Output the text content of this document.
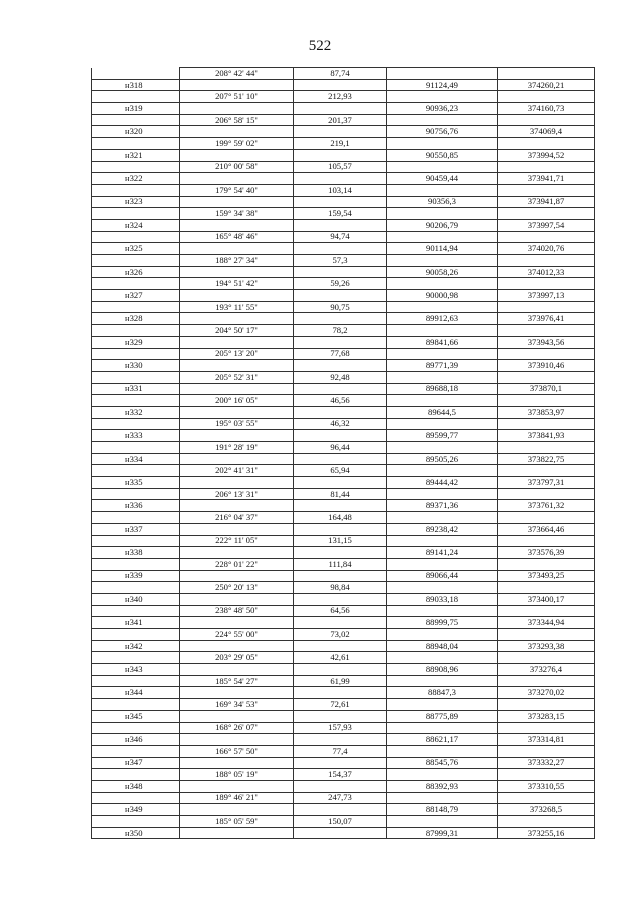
522
	208° 42' 44"	87,74		
н318			91124,49	374260,21
	207° 51' 10"	212,93		
н319			90936,23	374160,73
	206° 58' 15"	201,37		
н320			90756,76	374069,4
	199° 59' 02"	219,1		
н321			90550,85	373994,52
	210° 00' 58"	105,57		
н322			90459,44	373941,71
	179° 54' 40"	103,14		
н323			90356,3	373941,87
	159° 34' 38"	159,54		
н324			90206,79	373997,54
	165° 48' 46"	94,74		
н325			90114,94	374020,76
	188° 27' 34"	57,3		
н326			90058,26	374012,33
	194° 51' 42"	59,26		
н327			90000,98	373997,13
	193° 11' 55"	90,75		
н328			89912,63	373976,41
	204° 50' 17"	78,2		
н329			89841,66	373943,56
	205° 13' 20"	77,68		
н330			89771,39	373910,46
	205° 52' 31"	92,48		
н331			89688,18	373870,1
	200° 16' 05"	46,56		
н332			89644,5	373853,97
	195° 03' 55"	46,32		
н333			89599,77	373841,93
	191° 28' 19"	96,44		
н334			89505,26	373822,75
	202° 41' 31"	65,94		
н335			89444,42	373797,31
	206° 13' 31"	81,44		
н336			89371,36	373761,32
	216° 04' 37"	164,48		
н337			89238,42	373664,46
	222° 11' 05"	131,15		
н338			89141,24	373576,39
	228° 01' 22"	111,84		
н339			89066,44	373493,25
	250° 20' 13"	98,84		
н340			89033,18	373400,17
	238° 48' 50"	64,56		
н341			88999,75	373344,94
	224° 55' 00"	73,02		
н342			88948,04	373293,38
	203° 29' 05"	42,61		
н343			88908,96	373276,4
	185° 54' 27"	61,99		
н344			88847,3	373270,02
	169° 34' 53"	72,61		
н345			88775,89	373283,15
	168° 26' 07"	157,93		
н346			88621,17	373314,81
	166° 57' 50"	77,4		
н347			88545,76	373332,27
	188° 05' 19"	154,37		
н348			88392,93	373310,55
	189° 46' 21"	247,73		
н349			88148,79	373268,5
	185° 05' 59"	150,07		
н350			87999,31	373255,16
